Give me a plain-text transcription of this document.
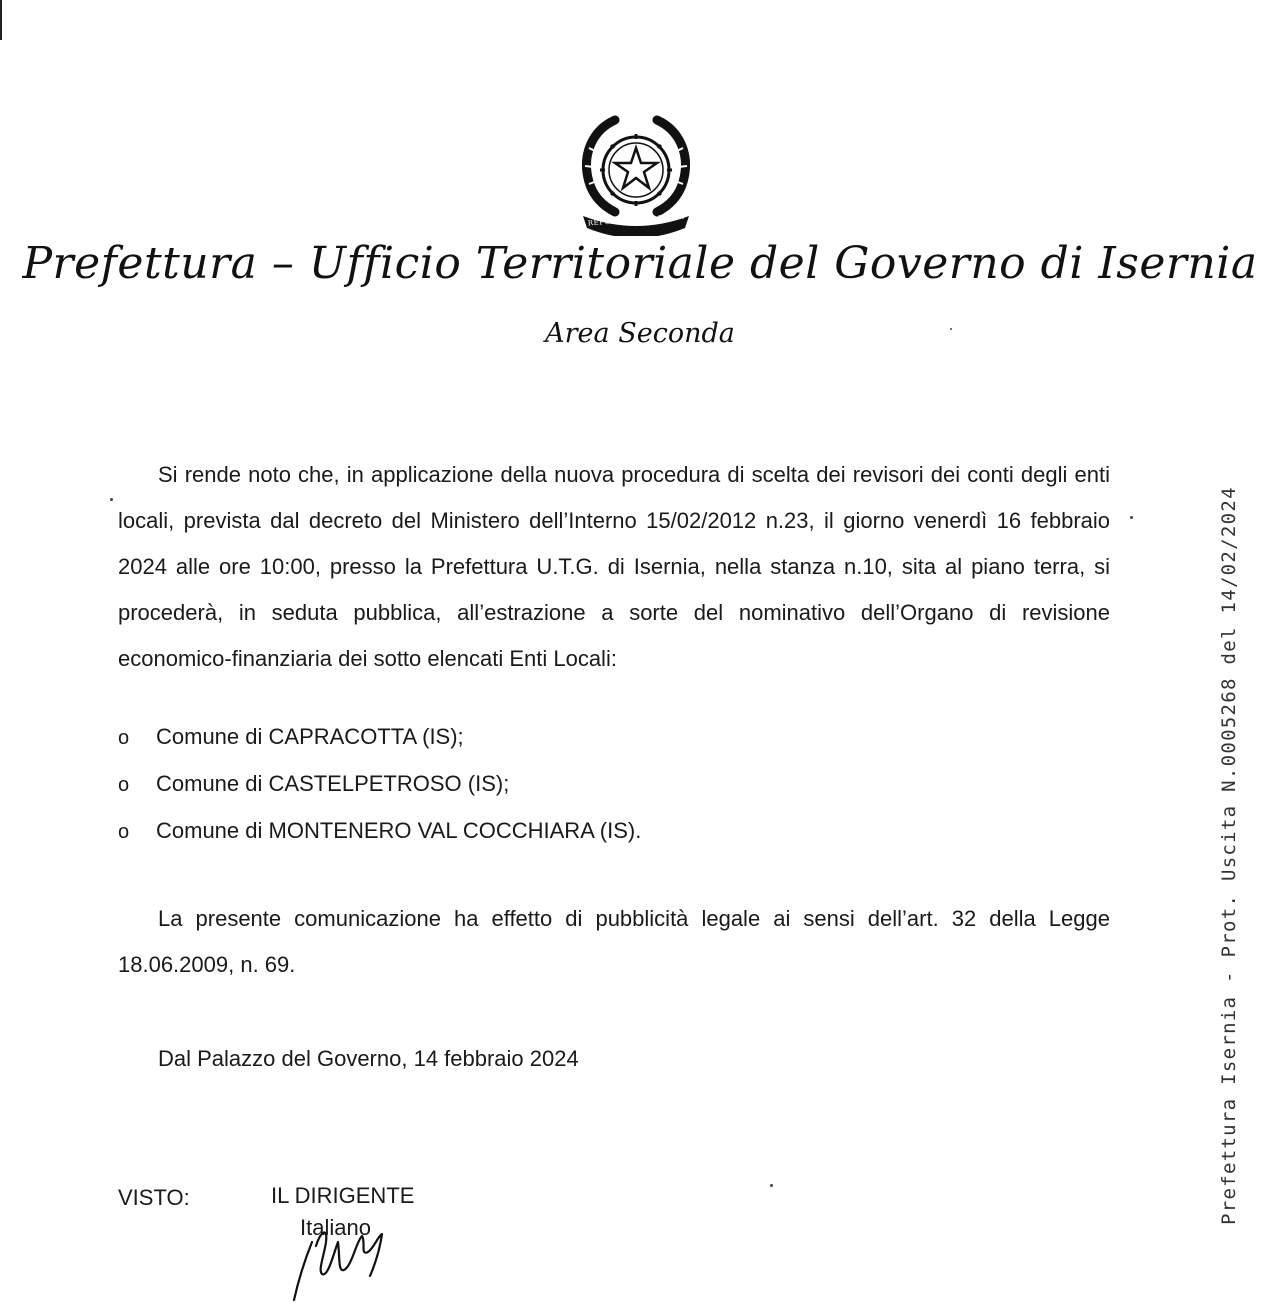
REPUBBLICA ITALIANA
Prefettura – Ufficio Territoriale del Governo di Isernia
Area Seconda
Si rende noto che, in applicazione della nuova procedura di scelta dei revisori dei conti degli enti locali, prevista dal decreto del Ministero dell’Interno 15/02/2012 n.23, il giorno venerdì 16 febbraio 2024 alle ore 10:00, presso la Prefettura U.T.G. di Isernia, nella stanza n.10, sita al piano terra, si procederà, in seduta pubblica, all’estrazione a sorte del nominativo dell’Organo di revisione economico-finanziaria dei sotto elencati Enti Locali:
o Comune di CAPRACOTTA (IS);
o Comune di CASTELPETROSO (IS);
o Comune di MONTENERO VAL COCCHIARA (IS).
La presente comunicazione ha effetto di pubblicità legale ai sensi dell’art. 32 della Legge 18.06.2009, n. 69.
Dal Palazzo del Governo, 14 febbraio 2024
VISTO:	IL DIRIGENTE
Italiano
Prefettura Isernia - Prot. Uscita N.0005268 del 14/02/2024
